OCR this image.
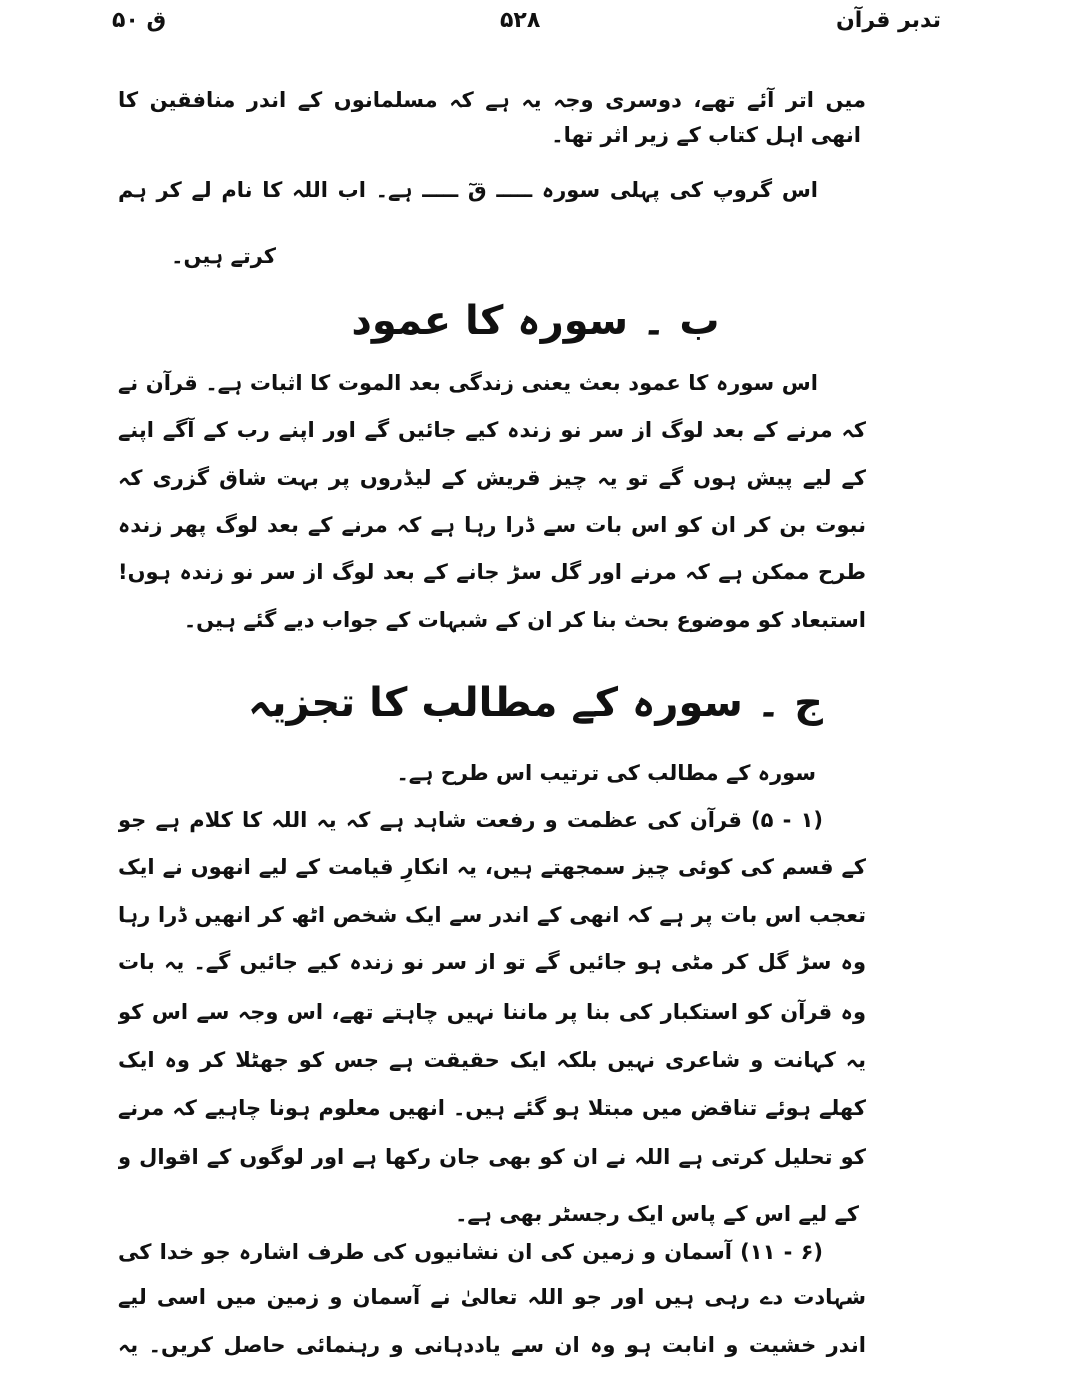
تدبر قرآن
۵۲۸
ق ۵۰
میں اتر آئے تھے، دوسری وجہ یہ ہے کہ مسلمانوں کے اندر منافقین کا
انھی اہل کتاب کے زیر اثر تھا۔
اس گروپ کی پہلی سورہ ـــــ قٓ ـــــ ہے۔ اب اللہ کا نام لے کر ہم
کرتے ہیں۔
ب ۔ سورہ کا عمود
اس سورہ کا عمود بعث یعنی زندگی بعد الموت کا اثبات ہے۔ قرآن نے
کہ مرنے کے بعد لوگ از سر نو زندہ کیے جائیں گے اور اپنے رب کے آگے اپنے
کے لیے پیش ہوں گے تو یہ چیز قریش کے لیڈروں پر بہت شاق گزری کہ
نبوت بن کر ان کو اس بات سے ڈرا رہا ہے کہ مرنے کے بعد لوگ پھر زندہ
طرح ممکن ہے کہ مرنے اور گل سڑ جانے کے بعد لوگ از سر نو زندہ ہوں!
استبعاد کو موضوع بحث بنا کر ان کے شبہات کے جواب دیے گئے ہیں۔
ج ۔ سورہ کے مطالب کا تجزیہ
سورہ کے مطالب کی ترتیب اس طرح ہے۔
(۱ - ۵) قرآن کی عظمت و رفعت شاہد ہے کہ یہ اللہ کا کلام ہے جو
کے قسم کی کوئی چیز سمجھتے ہیں، یہ انکارِ قیامت کے لیے انھوں نے ایک
تعجب اس بات پر ہے کہ انھی کے اندر سے ایک شخص اٹھ کر انھیں ڈرا رہا
وہ سڑ گل کر مٹی ہو جائیں گے تو از سر نو زندہ کیے جائیں گے۔ یہ بات
وہ قرآن کو استکبار کی بنا پر ماننا نہیں چاہتے تھے، اس وجہ سے اس کو
یہ کہانت و شاعری نہیں بلکہ ایک حقیقت ہے جس کو جھٹلا کر وہ ایک
کھلے ہوئے تناقض میں مبتلا ہو گئے ہیں۔ انھیں معلوم ہونا چاہیے کہ مرنے
کو تحلیل کرتی ہے اللہ نے ان کو بھی جان رکھا ہے اور لوگوں کے اقوال و
کے لیے اس کے پاس ایک رجسٹر بھی ہے۔
(۶ - ۱۱) آسمان و زمین کی ان نشانیوں کی طرف اشارہ جو خدا کی
شہادت دے رہی ہیں اور جو اللہ تعالیٰ نے آسمان و زمین میں اسی لیے
اندر خشیت و انابت ہو وہ ان سے یاددہانی و رہنمائی حاصل کریں۔ یہ
